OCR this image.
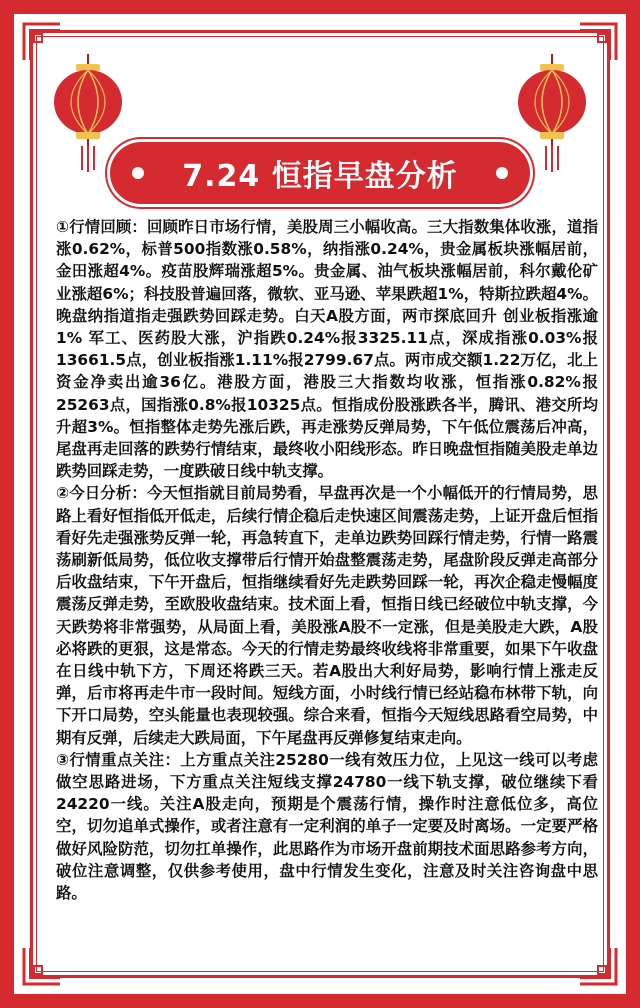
7.24 恒指早盘分析

①行情回顾：回顾昨日市场行情，美股周三小幅收高。三大指数集体收涨，道指涨0.62%，标普500指数涨0.58%，纳指涨0.24%，贵金属板块涨幅居前，金田涨超4%。疫苗股辉瑞涨超5%。贵金属、油气板块涨幅居前，科尔戴伦矿业涨超6%；科技股普遍回落，微软、亚马逊、苹果跌超1%，特斯拉跌超4%。晚盘纳指道指走强跌势回踩走势。白天A股方面，两市探底回升 创业板指涨逾1% 军工、医药股大涨，沪指跌0.24%报3325.11点，深成指涨0.03%报13661.5点，创业板指涨1.11%报2799.67点。两市成交额1.22万亿，北上资金净卖出逾36亿。港股方面，港股三大指数均收涨，恒指涨0.82%报25263点，国指涨0.8%报10325点。恒指成份股涨跌各半，腾讯、港交所均升超3%。恒指整体走势先涨后跌，再走涨势反弹局势，下午低位震荡后冲高，尾盘再走回落的跌势行情结束，最终收小阳线形态。昨日晚盘恒指随美股走单边跌势回踩走势，一度跌破日线中轨支撑。

②今日分析：今天恒指就目前局势看，早盘再次是一个小幅低开的行情局势，思路上看好恒指低开低走，后续行情企稳后走快速区间震荡走势，上证开盘后恒指看好先走强涨势反弹一轮，再急转直下，走单边跌势回踩行情走势，行情一路震荡刷新低局势，低位收支撑带后行情开始盘整震荡走势，尾盘阶段反弹走高部分后收盘结束，下午开盘后，恒指继续看好先走跌势回踩一轮，再次企稳走慢幅度震荡反弹走势，至欧股收盘结束。技术面上看，恒指日线已经破位中轨支撑，今天跌势将非常强势，从局面上看，美股涨A股不一定涨，但是美股走大跌，A股必将跌的更狠，这是常态。今天的行情走势最终收线将非常重要，如果下午收盘在日线中轨下方，下周还将跌三天。若A股出大利好局势，影响行情上涨走反弹，后市将再走牛市一段时间。短线方面，小时线行情已经站稳布林带下轨，向下开口局势，空头能量也表现较强。综合来看，恒指今天短线思路看空局势，中期有反弹，后续走大跌局面，下午尾盘再反弹修复结束走向。

③行情重点关注：上方重点关注25280一线有效压力位，上见这一线可以考虑做空思路进场，下方重点关注短线支撑24780一线下轨支撑，破位继续下看24220一线。关注A股走向，预期是个震荡行情，操作时注意低位多，高位空，切勿追单式操作，或者注意有一定利润的单子一定要及时离场。一定要严格做好风险防范，切勿扛单操作，此思路作为市场开盘前期技术面思路参考方向，破位注意调整，仅供参考使用，盘中行情发生变化，注意及时关注咨询盘中思路。
